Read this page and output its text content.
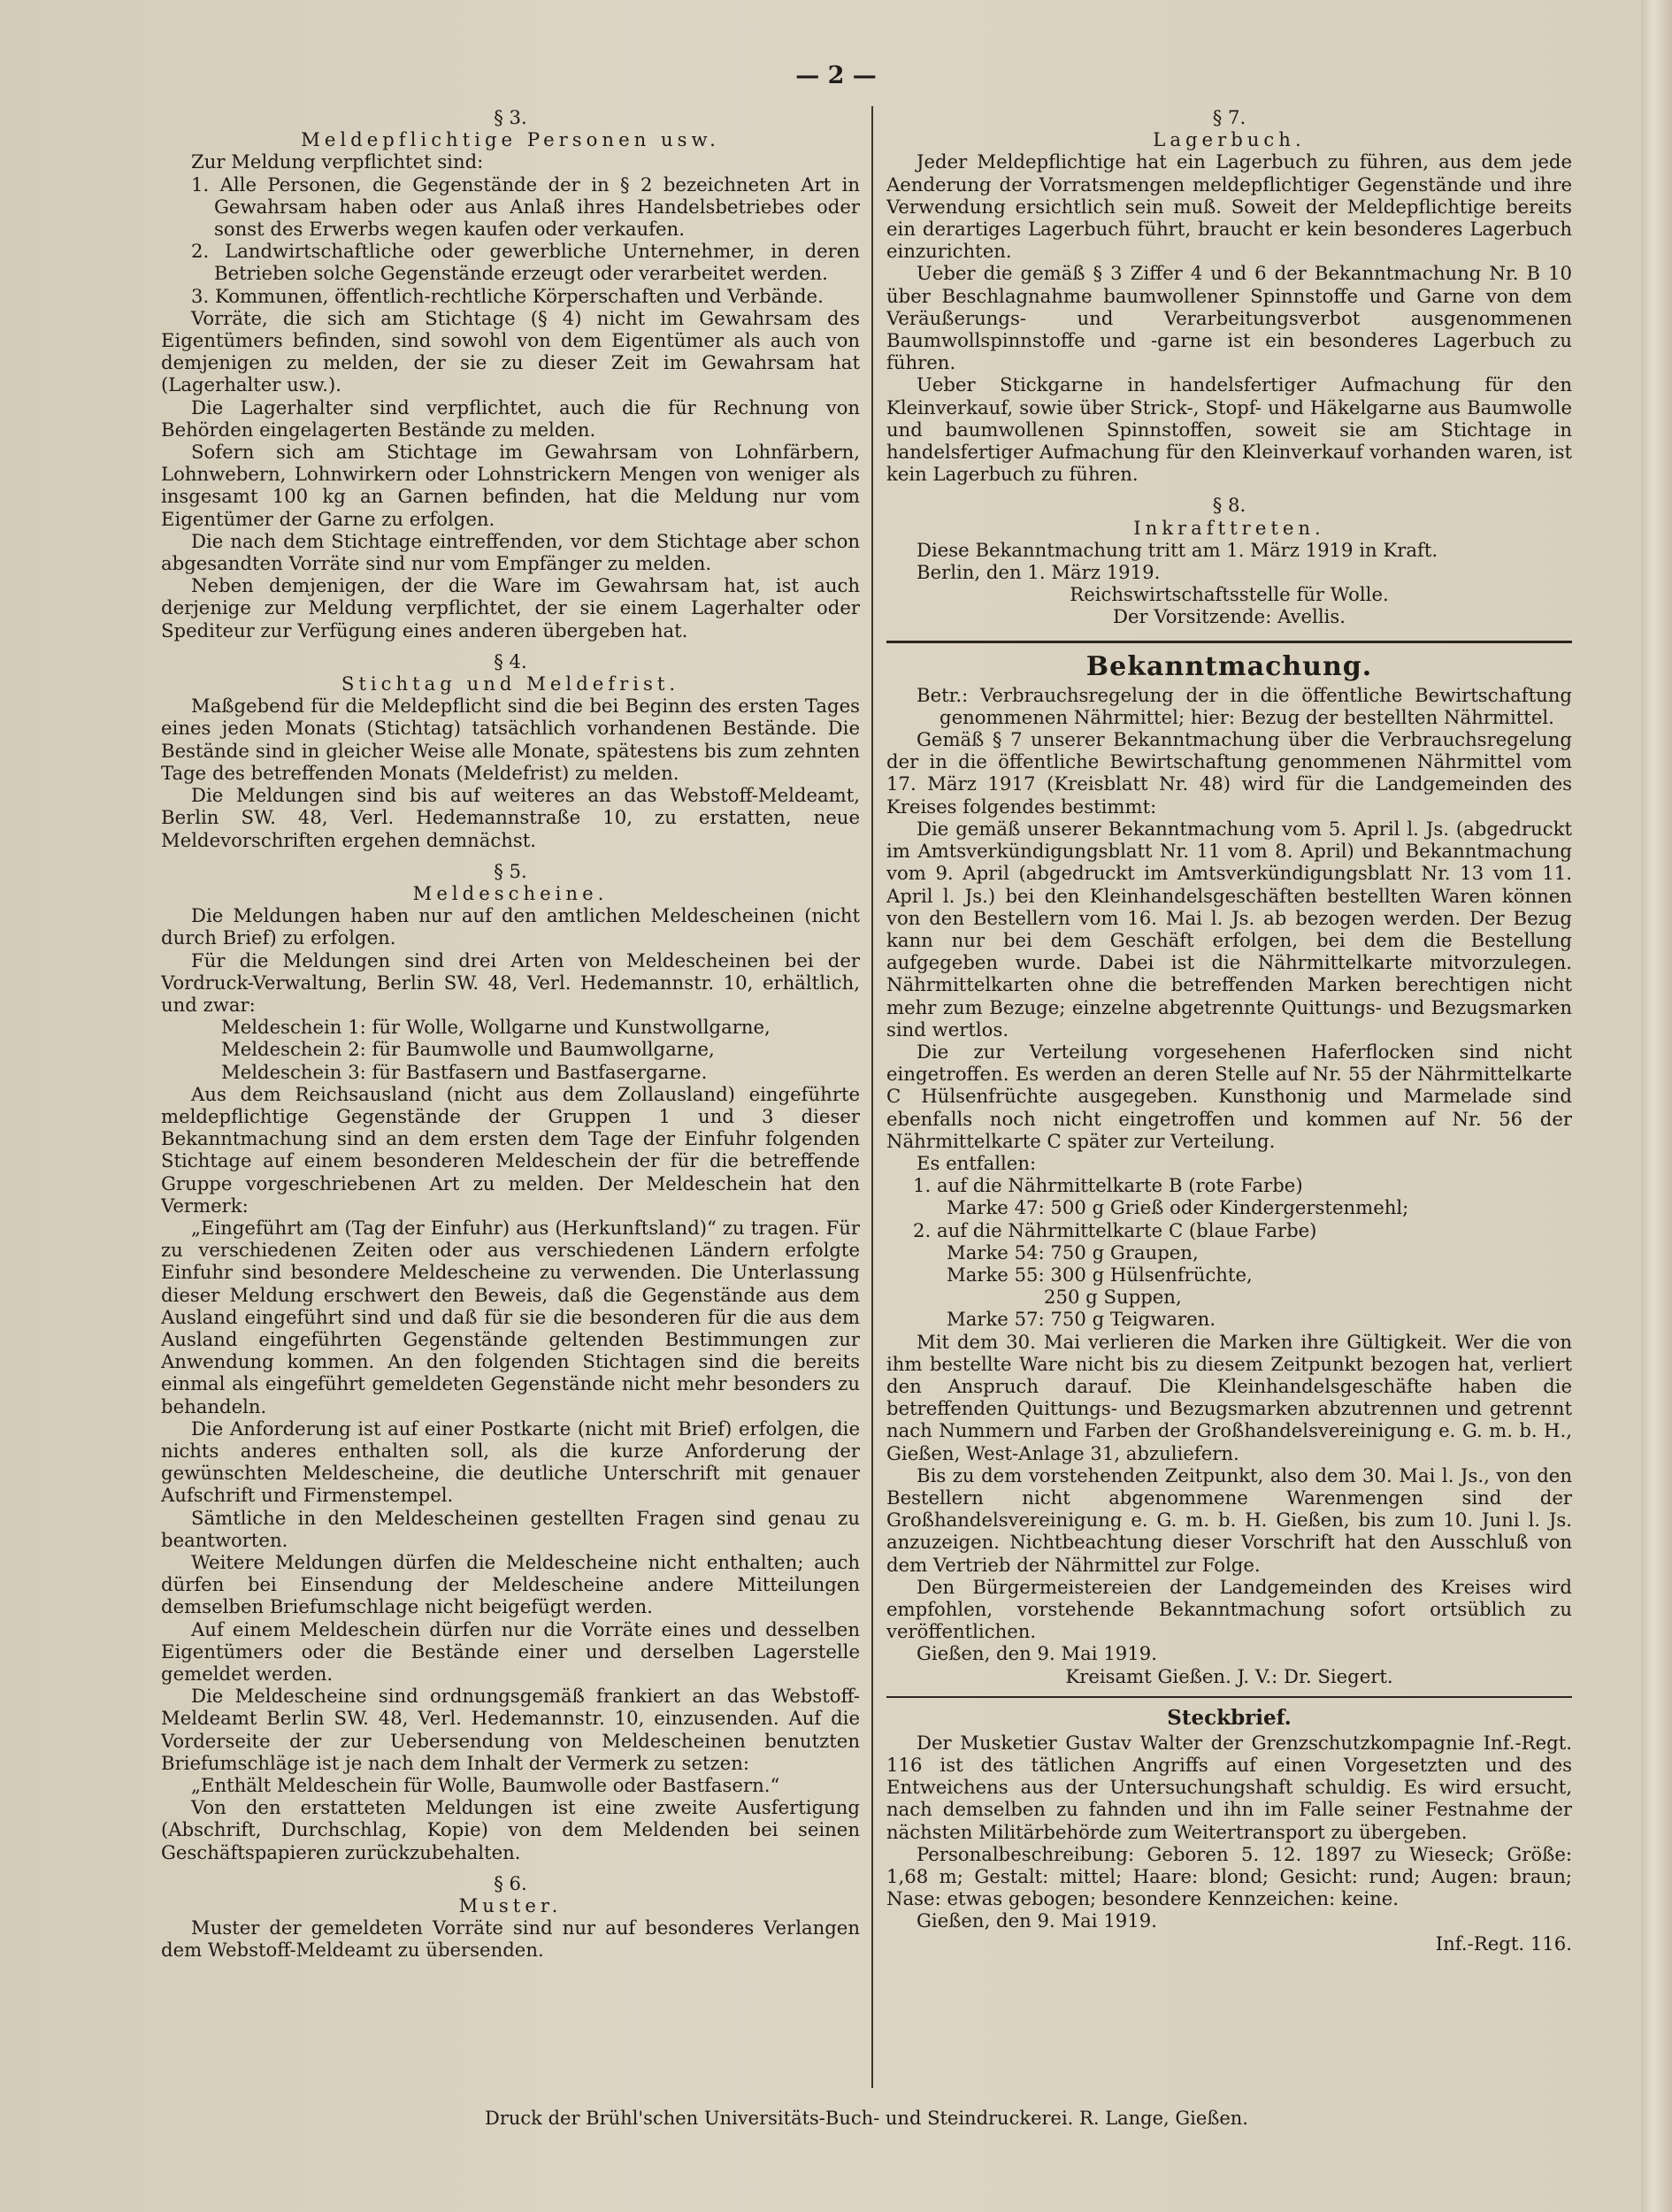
— 2 —

§ 3.

Meldepflichtige Personen usw.

Zur Meldung verpflichtet sind:

1. Alle Personen, die Gegenstände der in § 2 bezeichneten Art in Gewahrsam haben oder aus Anlaß ihres Handelsbetriebes oder sonst des Erwerbs wegen kaufen oder verkaufen.

2. Landwirtschaftliche oder gewerbliche Unternehmer, in deren Betrieben solche Gegenstände erzeugt oder verarbeitet werden.

3. Kommunen, öffentlich-rechtliche Körperschaften und Verbände.

Vorräte, die sich am Stichtage (§ 4) nicht im Gewahrsam des Eigentümers befinden, sind sowohl von dem Eigentümer als auch von demjenigen zu melden, der sie zu dieser Zeit im Gewahrsam hat (Lagerhalter usw.).

Die Lagerhalter sind verpflichtet, auch die für Rechnung von Behörden eingelagerten Bestände zu melden.

Sofern sich am Stichtage im Gewahrsam von Lohnfärbern, Lohnwebern, Lohnwirkern oder Lohnstrickern Mengen von weniger als insgesamt 100 kg an Garnen befinden, hat die Meldung nur vom Eigentümer der Garne zu erfolgen.

Die nach dem Stichtage eintreffenden, vor dem Stichtage aber schon abgesandten Vorräte sind nur vom Empfänger zu melden.

Neben demjenigen, der die Ware im Gewahrsam hat, ist auch derjenige zur Meldung verpflichtet, der sie einem Lagerhalter oder Spediteur zur Verfügung eines anderen übergeben hat.

§ 4.

Stichtag und Meldefrist.

Maßgebend für die Meldepflicht sind die bei Beginn des ersten Tages eines jeden Monats (Stichtag) tatsächlich vorhandenen Bestände. Die Bestände sind in gleicher Weise alle Monate, spätestens bis zum zehnten Tage des betreffenden Monats (Meldefrist) zu melden.

Die Meldungen sind bis auf weiteres an das Webstoff-Meldeamt, Berlin SW. 48, Verl. Hedemannstraße 10, zu erstatten, neue Meldevorschriften ergehen demnächst.

§ 5.

Meldescheine.

Die Meldungen haben nur auf den amtlichen Meldescheinen (nicht durch Brief) zu erfolgen.

Für die Meldungen sind drei Arten von Meldescheinen bei der Vordruck-Verwaltung, Berlin SW. 48, Verl. Hedemannstr. 10, erhältlich, und zwar:

Meldeschein 1: für Wolle, Wollgarne und Kunstwollgarne,

Meldeschein 2: für Baumwolle und Baumwollgarne,

Meldeschein 3: für Bastfasern und Bastfasergarne.

Aus dem Reichsausland (nicht aus dem Zollausland) eingeführte meldepflichtige Gegenstände der Gruppen 1 und 3 dieser Bekanntmachung sind an dem ersten dem Tage der Einfuhr folgenden Stichtage auf einem besonderen Meldeschein der für die betreffende Gruppe vorgeschriebenen Art zu melden. Der Meldeschein hat den Vermerk:

„Eingeführt am (Tag der Einfuhr) aus (Herkunftsland)“ zu tragen. Für zu verschiedenen Zeiten oder aus verschiedenen Ländern erfolgte Einfuhr sind besondere Meldescheine zu verwenden. Die Unterlassung dieser Meldung erschwert den Beweis, daß die Gegenstände aus dem Ausland eingeführt sind und daß für sie die besonderen für die aus dem Ausland eingeführten Gegenstände geltenden Bestimmungen zur Anwendung kommen. An den folgenden Stichtagen sind die bereits einmal als eingeführt gemeldeten Gegenstände nicht mehr besonders zu behandeln.

Die Anforderung ist auf einer Postkarte (nicht mit Brief) erfolgen, die nichts anderes enthalten soll, als die kurze Anforderung der gewünschten Meldescheine, die deutliche Unterschrift mit genauer Aufschrift und Firmenstempel.

Sämtliche in den Meldescheinen gestellten Fragen sind genau zu beantworten.

Weitere Meldungen dürfen die Meldescheine nicht enthalten; auch dürfen bei Einsendung der Meldescheine andere Mitteilungen demselben Briefumschlage nicht beigefügt werden.

Auf einem Meldeschein dürfen nur die Vorräte eines und desselben Eigentümers oder die Bestände einer und derselben Lagerstelle gemeldet werden.

Die Meldescheine sind ordnungsgemäß frankiert an das Webstoff-Meldeamt Berlin SW. 48, Verl. Hedemannstr. 10, einzusenden. Auf die Vorderseite der zur Uebersendung von Meldescheinen benutzten Briefumschläge ist je nach dem Inhalt der Vermerk zu setzen:

„Enthält Meldeschein für Wolle, Baumwolle oder Bastfasern.“

Von den erstatteten Meldungen ist eine zweite Ausfertigung (Abschrift, Durchschlag, Kopie) von dem Meldenden bei seinen Geschäftspapieren zurückzubehalten.

§ 6.

Muster.

Muster der gemeldeten Vorräte sind nur auf besonderes Verlangen dem Webstoff-Meldeamt zu übersenden.

§ 7.

Lagerbuch.

Jeder Meldepflichtige hat ein Lagerbuch zu führen, aus dem jede Aenderung der Vorratsmengen meldepflichtiger Gegenstände und ihre Verwendung ersichtlich sein muß. Soweit der Meldepflichtige bereits ein derartiges Lagerbuch führt, braucht er kein besonderes Lagerbuch einzurichten.

Ueber die gemäß § 3 Ziffer 4 und 6 der Bekanntmachung Nr. B 10 über Beschlagnahme baumwollener Spinnstoffe und Garne von dem Veräußerungs- und Verarbeitungsverbot ausgenommenen Baumwollspinnstoffe und -garne ist ein besonderes Lagerbuch zu führen.

Ueber Stickgarne in handelsfertiger Aufmachung für den Kleinverkauf, sowie über Strick-, Stopf- und Häkelgarne aus Baumwolle und baumwollenen Spinnstoffen, soweit sie am Stichtage in handelsfertiger Aufmachung für den Kleinverkauf vorhanden waren, ist kein Lagerbuch zu führen.

§ 8.

Inkrafttreten.

Diese Bekanntmachung tritt am 1. März 1919 in Kraft.

Berlin, den 1. März 1919.

Reichswirtschaftsstelle für Wolle.

Der Vorsitzende: Avellis.

Bekanntmachung.

Betr.: Verbrauchsregelung der in die öffentliche Bewirtschaftung genommenen Nährmittel; hier: Bezug der bestellten Nährmittel.

Gemäß § 7 unserer Bekanntmachung über die Verbrauchsregelung der in die öffentliche Bewirtschaftung genommenen Nährmittel vom 17. März 1917 (Kreisblatt Nr. 48) wird für die Landgemeinden des Kreises folgendes bestimmt:

Die gemäß unserer Bekanntmachung vom 5. April l. Js. (abgedruckt im Amtsverkündigungsblatt Nr. 11 vom 8. April) und Bekanntmachung vom 9. April (abgedruckt im Amtsverkündigungsblatt Nr. 13 vom 11. April l. Js.) bei den Kleinhandelsgeschäften bestellten Waren können von den Bestellern vom 16. Mai l. Js. ab bezogen werden. Der Bezug kann nur bei dem Geschäft erfolgen, bei dem die Bestellung aufgegeben wurde. Dabei ist die Nährmittelkarte mitvorzulegen. Nährmittelkarten ohne die betreffenden Marken berechtigen nicht mehr zum Bezuge; einzelne abgetrennte Quittungs- und Bezugsmarken sind wertlos.

Die zur Verteilung vorgesehenen Haferflocken sind nicht eingetroffen. Es werden an deren Stelle auf Nr. 55 der Nährmittelkarte C Hülsenfrüchte ausgegeben. Kunsthonig und Marmelade sind ebenfalls noch nicht eingetroffen und kommen auf Nr. 56 der Nährmittelkarte C später zur Verteilung.

Es entfallen:

1. auf die Nährmittelkarte B (rote Farbe)

Marke 47: 500 g Grieß oder Kindergerstenmehl;

2. auf die Nährmittelkarte C (blaue Farbe)

Marke 54: 750 g Graupen,

Marke 55: 300 g Hülsenfrüchte,

250 g Suppen,

Marke 57: 750 g Teigwaren.

Mit dem 30. Mai verlieren die Marken ihre Gültigkeit. Wer die von ihm bestellte Ware nicht bis zu diesem Zeitpunkt bezogen hat, verliert den Anspruch darauf. Die Kleinhandelsgeschäfte haben die betreffenden Quittungs- und Bezugsmarken abzutrennen und getrennt nach Nummern und Farben der Großhandelsvereinigung e. G. m. b. H., Gießen, West-Anlage 31, abzuliefern.

Bis zu dem vorstehenden Zeitpunkt, also dem 30. Mai l. Js., von den Bestellern nicht abgenommene Warenmengen sind der Großhandelsvereinigung e. G. m. b. H. Gießen, bis zum 10. Juni l. Js. anzuzeigen. Nichtbeachtung dieser Vorschrift hat den Ausschluß von dem Vertrieb der Nährmittel zur Folge.

Den Bürgermeistereien der Landgemeinden des Kreises wird empfohlen, vorstehende Bekanntmachung sofort ortsüblich zu veröffentlichen.

Gießen, den 9. Mai 1919.

Kreisamt Gießen. J. V.: Dr. Siegert.

Steckbrief.

Der Musketier Gustav Walter der Grenzschutzkompagnie Inf.-Regt. 116 ist des tätlichen Angriffs auf einen Vorgesetzten und des Entweichens aus der Untersuchungshaft schuldig. Es wird ersucht, nach demselben zu fahnden und ihn im Falle seiner Festnahme der nächsten Militärbehörde zum Weitertransport zu übergeben.

Personalbeschreibung: Geboren 5. 12. 1897 zu Wieseck; Größe: 1,68 m; Gestalt: mittel; Haare: blond; Gesicht: rund; Augen: braun; Nase: etwas gebogen; besondere Kennzeichen: keine.

Gießen, den 9. Mai 1919.

Inf.-Regt. 116.

Druck der Brühl'schen Universitäts-Buch- und Steindruckerei. R. Lange, Gießen.
